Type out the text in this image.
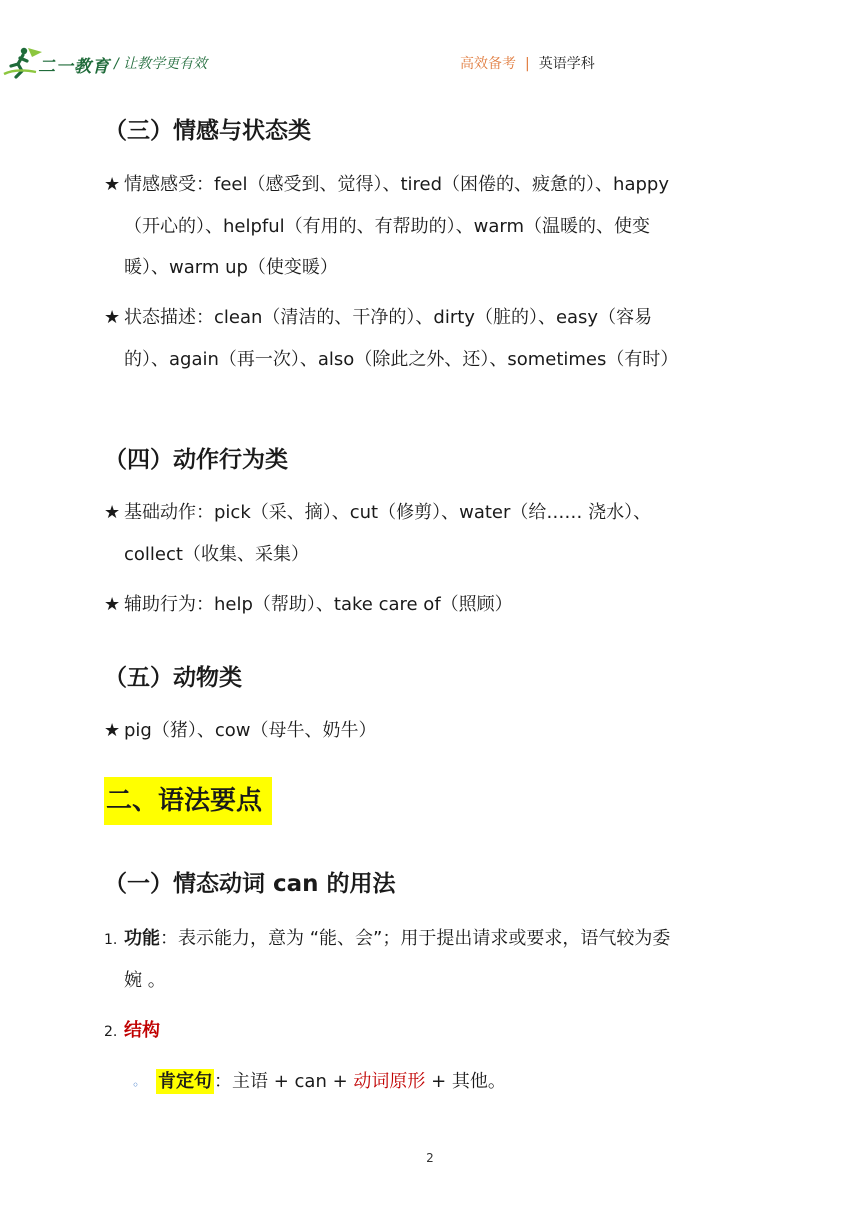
二一教育 / 让教学更有效	高效备考 | 英语学科
（三）情感与状态类
★ 情感感受：feel（感受到、觉得）、tired（困倦的、疲惫的）、happy
（开心的）、helpful（有用的、有帮助的）、warm（温暖的、使变
暖）、warm up（使变暖）
★ 状态描述：clean（清洁的、干净的）、dirty（脏的）、easy（容易
的）、again（再一次）、also（除此之外、还）、sometimes（有时）
（四）动作行为类
★ 基础动作：pick（采、摘）、cut（修剪）、water（给…… 浇水）、
collect（收集、采集）
★ 辅助行为：help（帮助）、take care of（照顾）
（五）动物类
★ pig（猪）、cow（母牛、奶牛）
二、语法要点
（一）情态动词 can 的用法
1. 功能：表示能力，意为 “能、会”；用于提出请求或要求，语气较为委
婉 。
2. 结构
◦ 肯定句 ：主语 + can + 动词原形 + 其他。
2
